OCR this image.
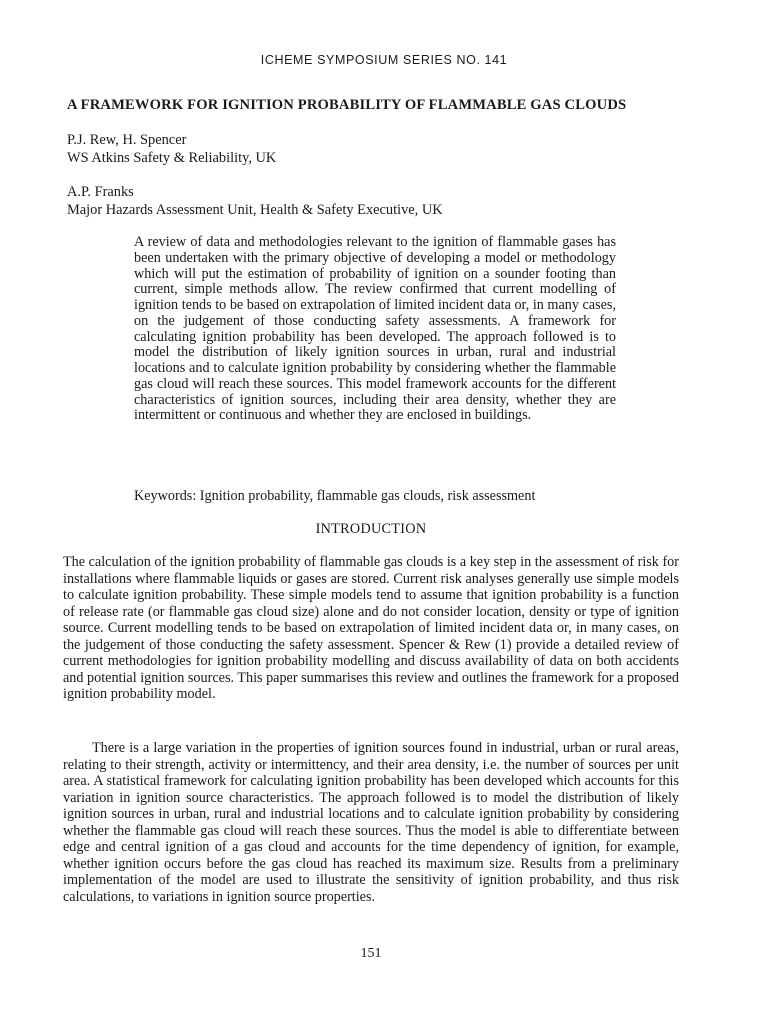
ICHEME SYMPOSIUM SERIES NO. 141
A FRAMEWORK FOR IGNITION PROBABILITY OF FLAMMABLE GAS CLOUDS
P.J. Rew, H. Spencer
WS Atkins Safety & Reliability, UK
A.P. Franks
Major Hazards Assessment Unit, Health & Safety Executive, UK
A review of data and methodologies relevant to the ignition of flammable gases has been undertaken with the primary objective of developing a model or methodology which will put the estimation of probability of ignition on a sounder footing than current, simple methods allow. The review confirmed that current modelling of ignition tends to be based on extrapolation of limited incident data or, in many cases, on the judgement of those conducting safety assessments. A framework for calculating ignition probability has been developed. The approach followed is to model the distribution of likely ignition sources in urban, rural and industrial locations and to calculate ignition probability by considering whether the flammable gas cloud will reach these sources. This model framework accounts for the different characteristics of ignition sources, including their area density, whether they are intermittent or continuous and whether they are enclosed in buildings.
Keywords: Ignition probability, flammable gas clouds, risk assessment
INTRODUCTION
The calculation of the ignition probability of flammable gas clouds is a key step in the assessment of risk for installations where flammable liquids or gases are stored. Current risk analyses generally use simple models to calculate ignition probability. These simple models tend to assume that ignition probability is a function of release rate (or flammable gas cloud size) alone and do not consider location, density or type of ignition source. Current modelling tends to be based on extrapolation of limited incident data or, in many cases, on the judgement of those conducting the safety assessment. Spencer & Rew (1) provide a detailed review of current methodologies for ignition probability modelling and discuss availability of data on both accidents and potential ignition sources. This paper summarises this review and outlines the framework for a proposed ignition probability model.
There is a large variation in the properties of ignition sources found in industrial, urban or rural areas, relating to their strength, activity or intermittency, and their area density, i.e. the number of sources per unit area. A statistical framework for calculating ignition probability has been developed which accounts for this variation in ignition source characteristics. The approach followed is to model the distribution of likely ignition sources in urban, rural and industrial locations and to calculate ignition probability by considering whether the flammable gas cloud will reach these sources. Thus the model is able to differentiate between edge and central ignition of a gas cloud and accounts for the time dependency of ignition, for example, whether ignition occurs before the gas cloud has reached its maximum size. Results from a preliminary implementation of the model are used to illustrate the sensitivity of ignition probability, and thus risk calculations, to variations in ignition source properties.
151
